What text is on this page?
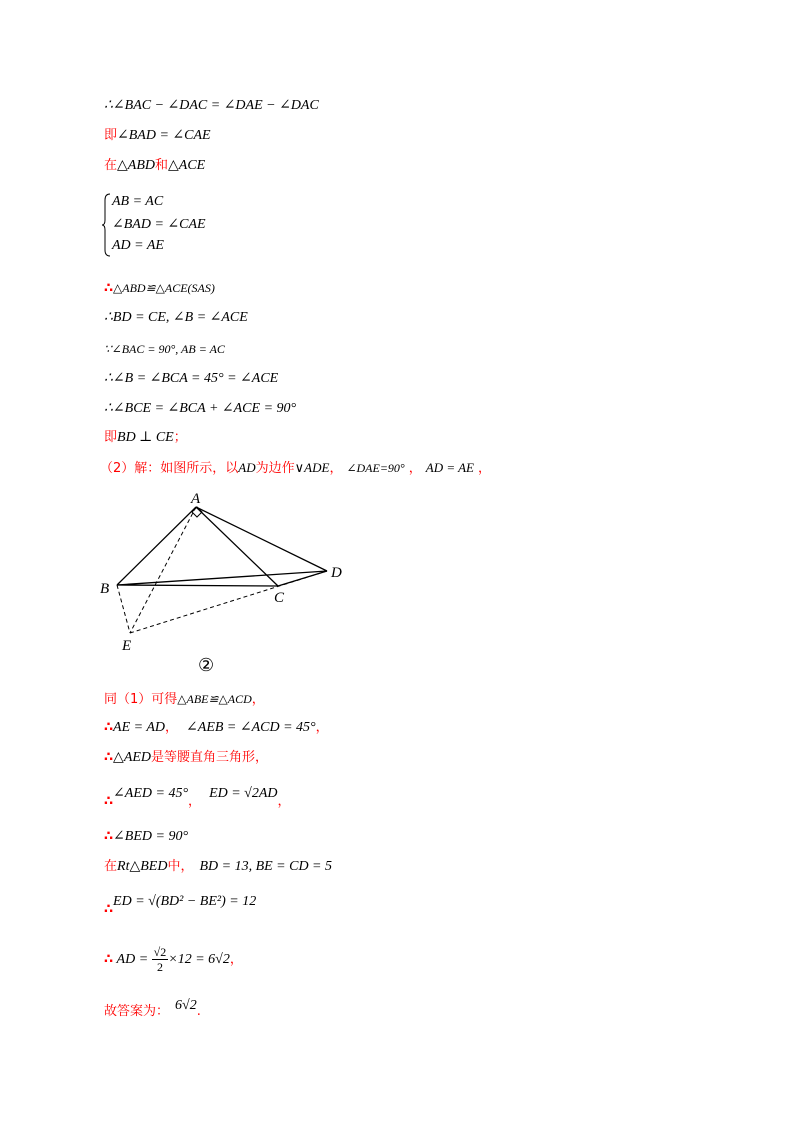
∴∠BAC − ∠DAC = ∠DAE − ∠DAC
即∠BAD = ∠CAE
在△ABD和△ACE
AB = AC
∠BAD = ∠CAE
AD = AE
∴△ABD≌△ACE(SAS)
∴BD = CE, ∠B = ∠ACE
∵∠BAC = 90°, AB = AC
∴∠B = ∠BCA = 45° = ∠ACE
∴∠BCE = ∠BCA + ∠ACE = 90°
即BD ⊥ CE；
（2）解：如图所示，以AD为边作∨ADE， ∠DAE=90° ， AD = AE ，
A
B
C
D
E
②
同（1）可得△ABE≌△ACD，
∴AE = AD， ∠AEB = ∠ACD = 45°，
∴△AED是等腰直角三角形，
∴∠AED = 45°，ED = √2AD，
∴∠BED = 90°
在Rt△BED中， BD = 13, BE = CD = 5
∴ED = √(BD² − BE²) = 12
∴ AD = $\frac{√2}{2} \times 12 = 6√2$，
故答案为： 6√2.
